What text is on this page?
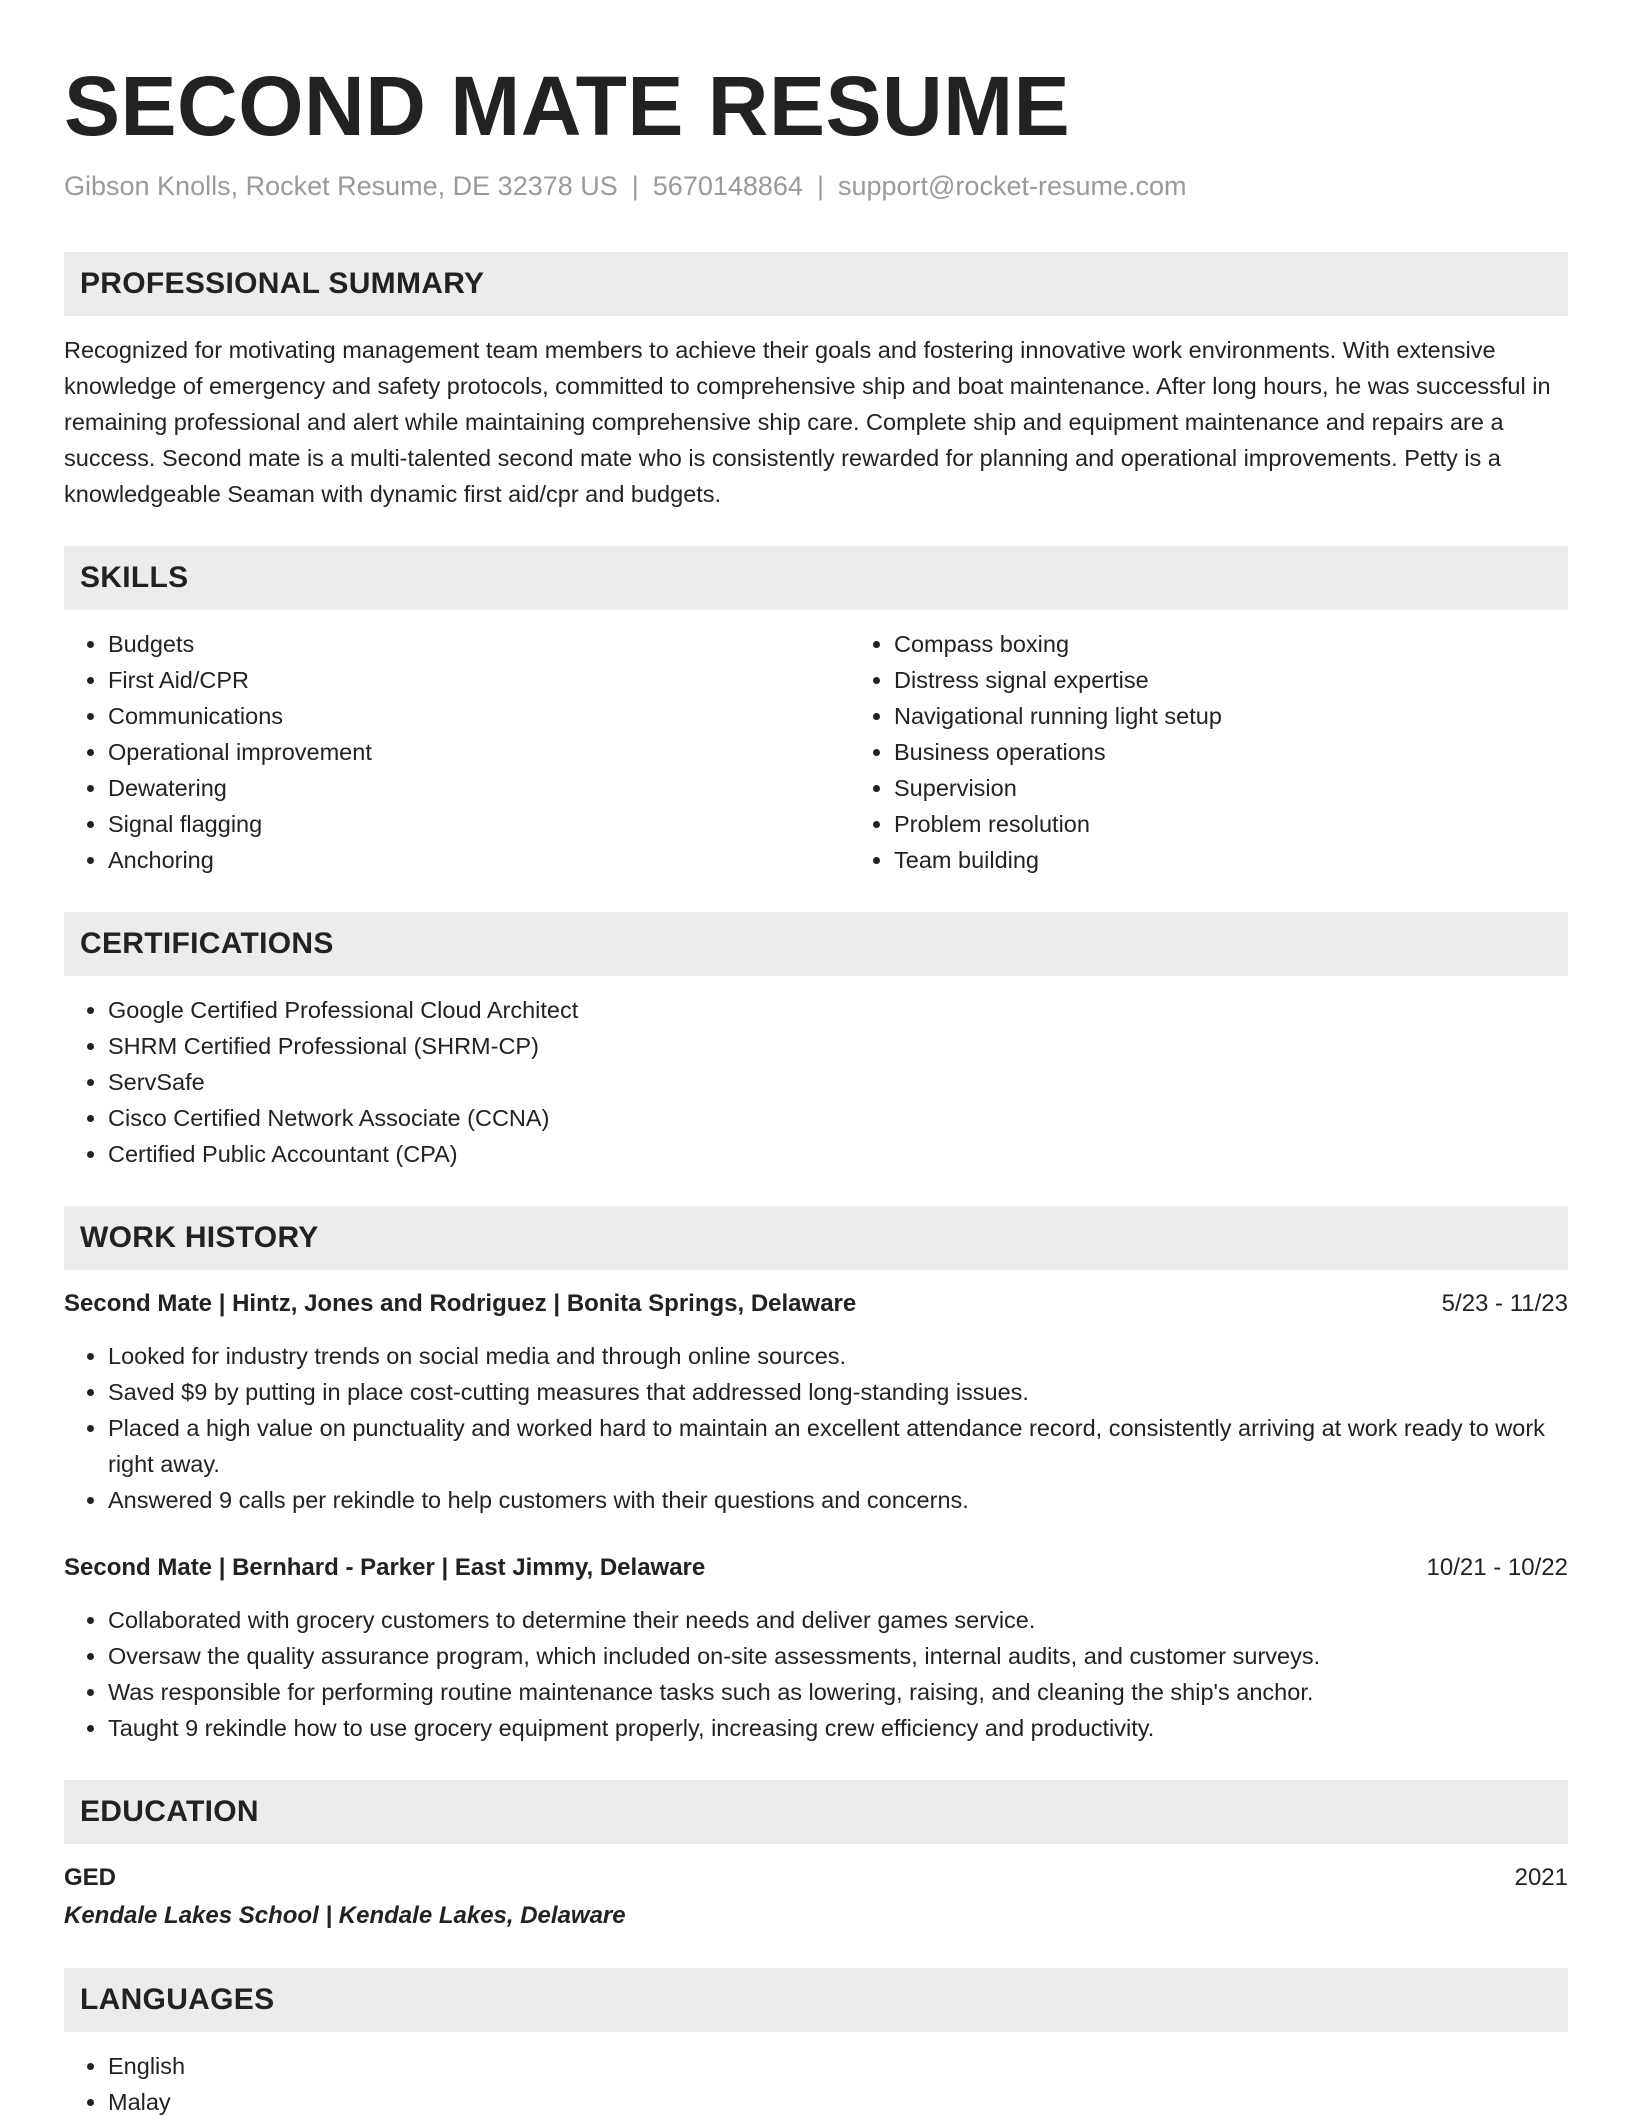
SECOND MATE RESUME
Gibson Knolls, Rocket Resume, DE 32378 US | 5670148864 | support@rocket-resume.com
PROFESSIONAL SUMMARY

Recognized for motivating management team members to achieve their goals and fostering innovative work environments. With extensive knowledge of emergency and safety protocols, committed to comprehensive ship and boat maintenance. After long hours, he was successful in remaining professional and alert while maintaining comprehensive ship care. Complete ship and equipment maintenance and repairs are a success. Second mate is a multi-talented second mate who is consistently rewarded for planning and operational improvements. Petty is a knowledgeable Seaman with dynamic first aid/cpr and budgets.

SKILLS
• Budgets
• First Aid/CPR
• Communications
• Operational improvement
• Dewatering
• Signal flagging
• Anchoring
• Compass boxing
• Distress signal expertise
• Navigational running light setup
• Business operations
• Supervision
• Problem resolution
• Team building
CERTIFICATIONS
• Google Certified Professional Cloud Architect
• SHRM Certified Professional (SHRM-CP)
• ServSafe
• Cisco Certified Network Associate (CCNA)
• Certified Public Accountant (CPA)
WORK HISTORY
Second Mate | Hintz, Jones and Rodriguez | Bonita Springs, Delaware	5/23 - 11/23
• Looked for industry trends on social media and through online sources.
• Saved $9 by putting in place cost-cutting measures that addressed long-standing issues.
• Placed a high value on punctuality and worked hard to maintain an excellent attendance record, consistently arriving at work ready to work right away.
• Answered 9 calls per rekindle to help customers with their questions and concerns.
Second Mate | Bernhard - Parker | East Jimmy, Delaware	10/21 - 10/22
• Collaborated with grocery customers to determine their needs and deliver games service.
• Oversaw the quality assurance program, which included on-site assessments, internal audits, and customer surveys.
• Was responsible for performing routine maintenance tasks such as lowering, raising, and cleaning the ship's anchor.
• Taught 9 rekindle how to use grocery equipment properly, increasing crew efficiency and productivity.
EDUCATION
GED	2021
Kendale Lakes School | Kendale Lakes, Delaware
LANGUAGES
• English
• Malay
